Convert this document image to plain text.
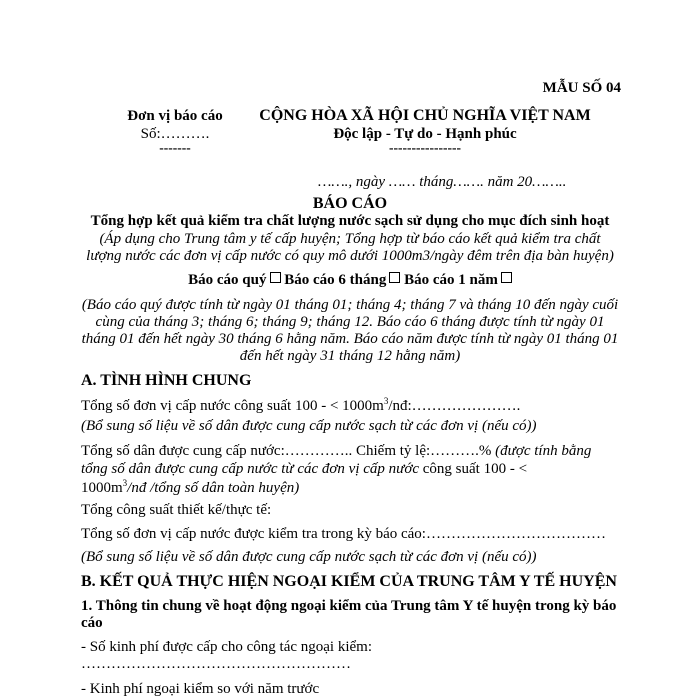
MẪU SỐ 04
Đơn vị báo cáo
Số:……….
-------
CỘNG HÒA XÃ HỘI CHỦ NGHĨA VIỆT NAM
Độc lập - Tự do - Hạnh phúc
----------------
……., ngày …… tháng……. năm 20……..
BÁO CÁO
Tổng hợp kết quả kiểm tra chất lượng nước sạch sử dụng cho mục đích sinh hoạt
(Áp dụng cho Trung tâm y tế cấp huyện; Tổng hợp từ báo cáo kết quả kiểm tra chất
lượng nước các đơn vị cấp nước có quy mô dưới 1000m3/ngày đêm trên địa bàn huyện)
Báo cáo quý Báo cáo 6 tháng Báo cáo 1 năm
(Báo cáo quý được tính từ ngày 01 tháng 01; tháng 4; tháng 7 và tháng 10 đến ngày cuối
cùng của tháng 3; tháng 6; tháng 9; tháng 12. Báo cáo 6 tháng được tính từ ngày 01
tháng 01 đến hết ngày 30 tháng 6 hằng năm. Báo cáo năm được tính từ ngày 01 tháng 01
đến hết ngày 31 tháng 12 hằng năm)
A. TÌNH HÌNH CHUNG
Tổng số đơn vị cấp nước công suất 100 - < $1000m^3/nđ:\dots\dots\dots\dots\dots\dots\dots$.
(Bổ sung số liệu về số dân được cung cấp nước sạch từ các đơn vị (nếu có))
Tổng số dân được cung cấp nước:………….. Chiếm tỷ lệ:……….% (được tính bằng
tổng số dân được cung cấp nước từ các đơn vị cấp nước công suất 100 - <
$1000m^3/nđ$ /tổng số dân toàn huyện)
Tổng công suất thiết kế/thực tế:
Tổng số đơn vị cấp nước được kiểm tra trong kỳ báo cáo:………………………………
(Bổ sung số liệu về số dân được cung cấp nước sạch từ các đơn vị (nếu có))
B. KẾT QUẢ THỰC HIỆN NGOẠI KIỂM CỦA TRUNG TÂM Y TẾ HUYỆN
1. Thông tin chung về hoạt động ngoại kiểm của Trung tâm Y tế huyện trong kỳ báo
cáo
- Số kinh phí được cấp cho công tác ngoại kiểm:
………………………………………………
- Kinh phí ngoại kiểm so với năm trước
